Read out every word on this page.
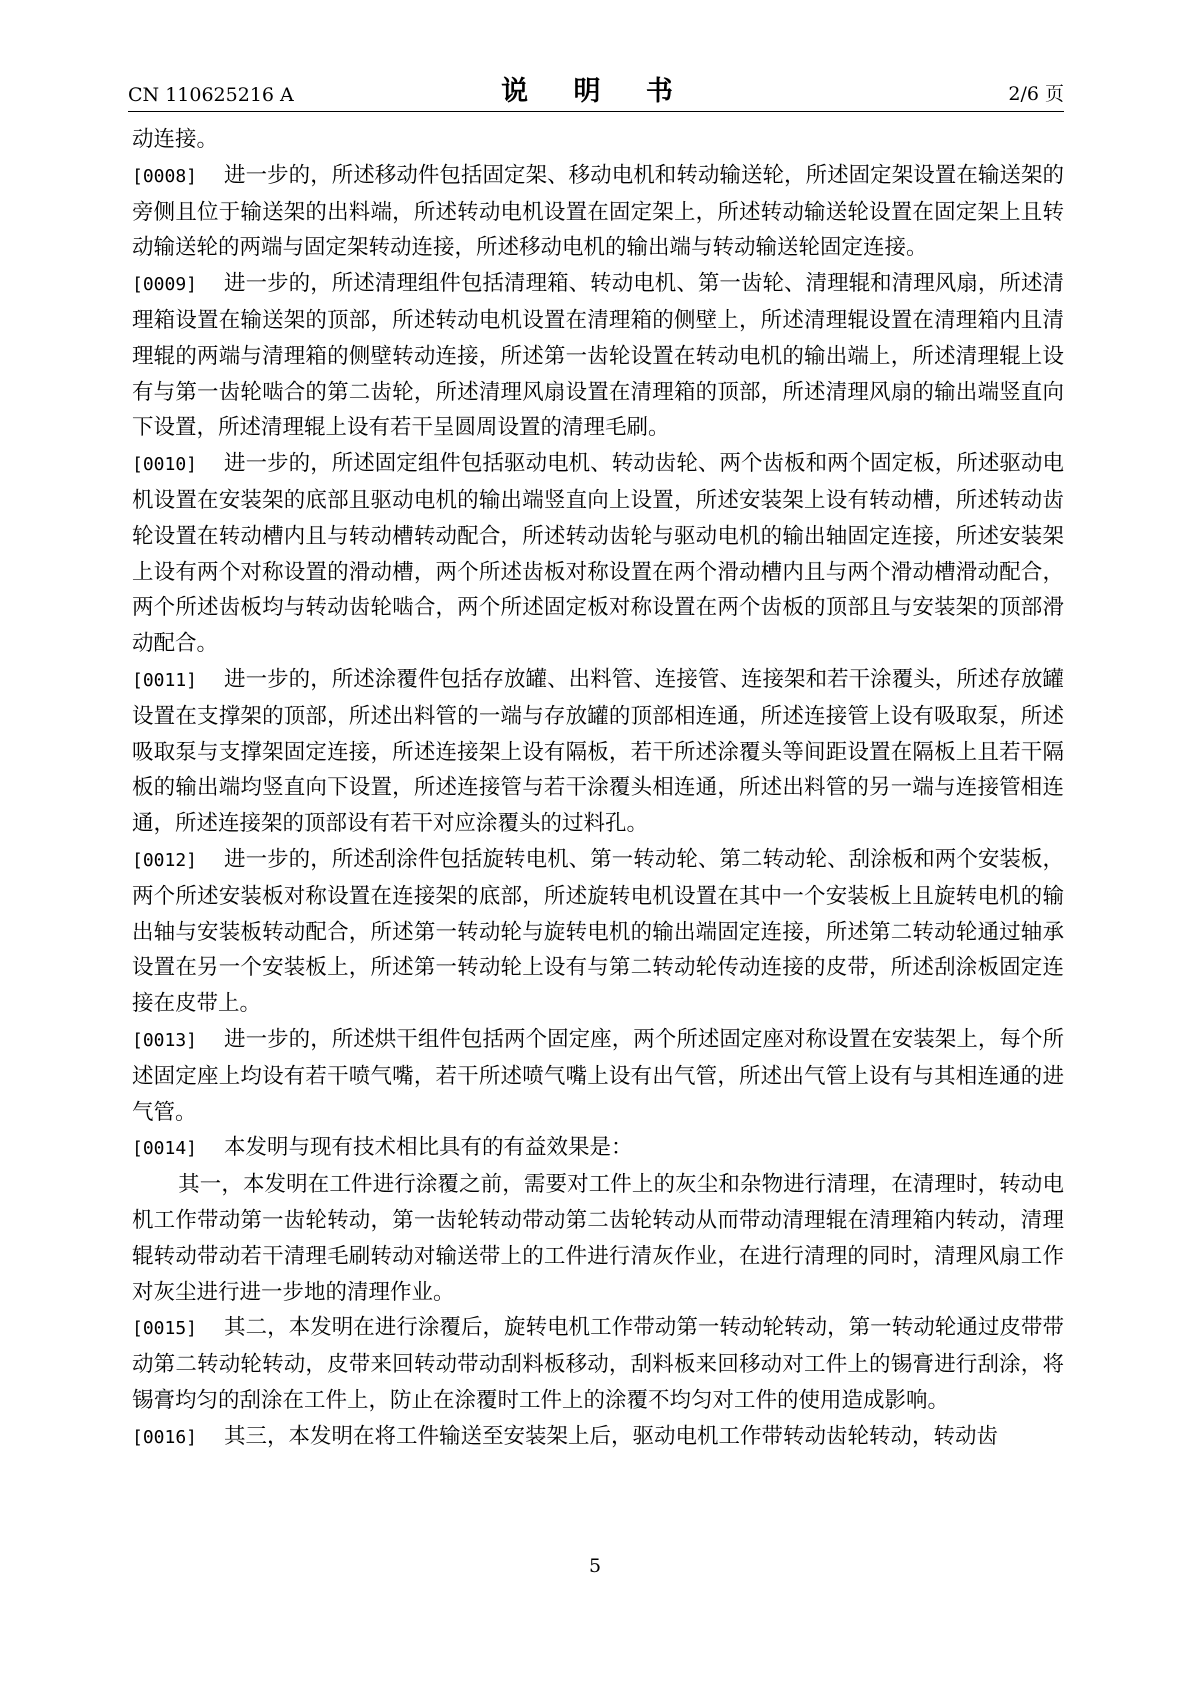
CN 110625216 A	说 明 书	2/6 页

动连接。

[0008] 进一步的，所述移动件包括固定架、移动电机和转动输送轮，所述固定架设置在输送架的旁侧且位于输送架的出料端，所述转动电机设置在固定架上，所述转动输送轮设置在固定架上且转动输送轮的两端与固定架转动连接，所述移动电机的输出端与转动输送轮固定连接。

[0009] 进一步的，所述清理组件包括清理箱、转动电机、第一齿轮、清理辊和清理风扇，所述清理箱设置在输送架的顶部，所述转动电机设置在清理箱的侧壁上，所述清理辊设置在清理箱内且清理辊的两端与清理箱的侧壁转动连接，所述第一齿轮设置在转动电机的输出端上，所述清理辊上设有与第一齿轮啮合的第二齿轮，所述清理风扇设置在清理箱的顶部，所述清理风扇的输出端竖直向下设置，所述清理辊上设有若干呈圆周设置的清理毛刷。

[0010] 进一步的，所述固定组件包括驱动电机、转动齿轮、两个齿板和两个固定板，所述驱动电机设置在安装架的底部且驱动电机的输出端竖直向上设置，所述安装架上设有转动槽，所述转动齿轮设置在转动槽内且与转动槽转动配合，所述转动齿轮与驱动电机的输出轴固定连接，所述安装架上设有两个对称设置的滑动槽，两个所述齿板对称设置在两个滑动槽内且与两个滑动槽滑动配合，两个所述齿板均与转动齿轮啮合，两个所述固定板对称设置在两个齿板的顶部且与安装架的顶部滑动配合。

[0011] 进一步的，所述涂覆件包括存放罐、出料管、连接管、连接架和若干涂覆头，所述存放罐设置在支撑架的顶部，所述出料管的一端与存放罐的顶部相连通，所述连接管上设有吸取泵，所述吸取泵与支撑架固定连接，所述连接架上设有隔板，若干所述涂覆头等间距设置在隔板上且若干隔板的输出端均竖直向下设置，所述连接管与若干涂覆头相连通，所述出料管的另一端与连接管相连通，所述连接架的顶部设有若干对应涂覆头的过料孔。

[0012] 进一步的，所述刮涂件包括旋转电机、第一转动轮、第二转动轮、刮涂板和两个安装板，两个所述安装板对称设置在连接架的底部，所述旋转电机设置在其中一个安装板上且旋转电机的输出轴与安装板转动配合，所述第一转动轮与旋转电机的输出端固定连接，所述第二转动轮通过轴承设置在另一个安装板上，所述第一转动轮上设有与第二转动轮传动连接的皮带，所述刮涂板固定连接在皮带上。

[0013] 进一步的，所述烘干组件包括两个固定座，两个所述固定座对称设置在安装架上，每个所述固定座上均设有若干喷气嘴，若干所述喷气嘴上设有出气管，所述出气管上设有与其相连通的进气管。

[0014] 本发明与现有技术相比具有的有益效果是：

其一，本发明在工件进行涂覆之前，需要对工件上的灰尘和杂物进行清理，在清理时，转动电机工作带动第一齿轮转动，第一齿轮转动带动第二齿轮转动从而带动清理辊在清理箱内转动，清理辊转动带动若干清理毛刷转动对输送带上的工件进行清灰作业，在进行清理的同时，清理风扇工作对灰尘进行进一步地的清理作业。

[0015] 其二，本发明在进行涂覆后，旋转电机工作带动第一转动轮转动，第一转动轮通过皮带带动第二转动轮转动，皮带来回转动带动刮料板移动，刮料板来回移动对工件上的锡膏进行刮涂，将锡膏均匀的刮涂在工件上，防止在涂覆时工件上的涂覆不均匀对工件的使用造成影响。

[0016] 其三，本发明在将工件输送至安装架上后，驱动电机工作带转动齿轮转动，转动齿

5
